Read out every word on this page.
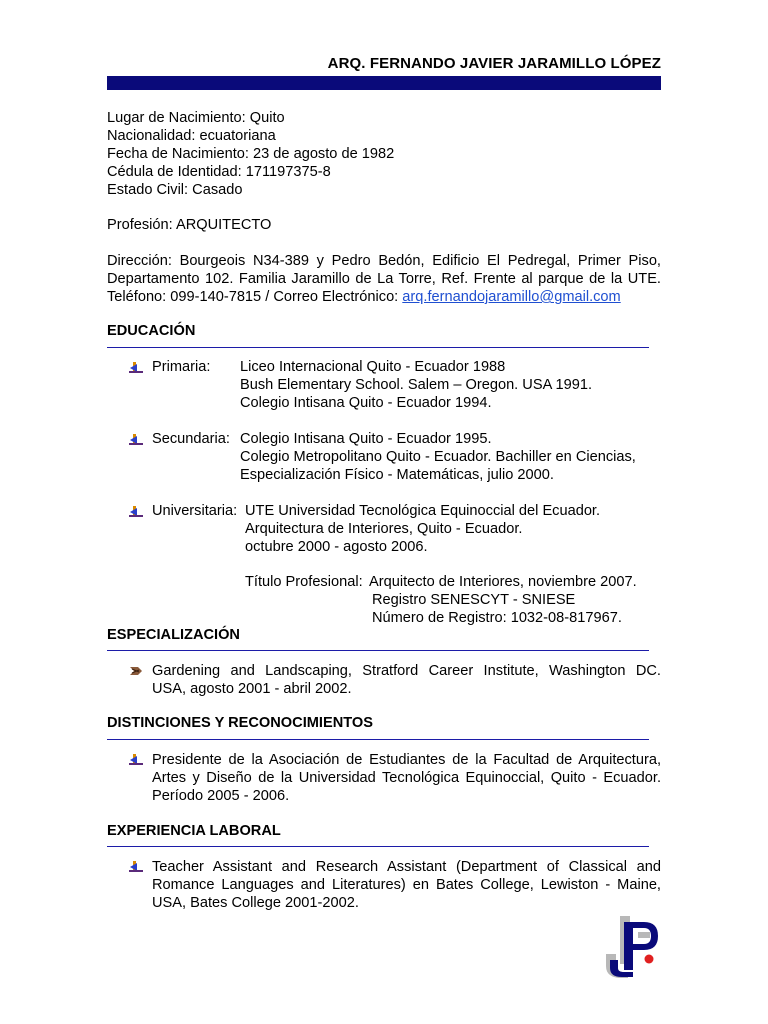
ARQ. FERNANDO JAVIER JARAMILLO LÓPEZ
Lugar de Nacimiento: Quito
Nacionalidad: ecuatoriana
Fecha de Nacimiento: 23 de agosto de 1982
Cédula de Identidad: 171197375-8
Estado Civil: Casado
Profesión: ARQUITECTO
Dirección: Bourgeois N34-389 y Pedro Bedón, Edificio El Pedregal, Primer Piso,
Departamento 102. Familia Jaramillo de La Torre, Ref. Frente al parque de la UTE.
Teléfono: 099-140-7815 / Correo Electrónico: arq.fernandojaramillo@gmail.com
EDUCACIÓN
Primaria: Liceo Internacional Quito - Ecuador 1988
Bush Elementary School. Salem – Oregon. USA 1991.
Colegio Intisana Quito - Ecuador 1994.
Secundaria: Colegio Intisana Quito - Ecuador 1995.
Colegio Metropolitano Quito - Ecuador. Bachiller en Ciencias,
Especialización Físico - Matemáticas, julio 2000.
Universitaria: UTE Universidad Tecnológica Equinoccial del Ecuador.
Arquitectura de Interiores, Quito - Ecuador.
octubre 2000 - agosto 2006.
Título Profesional: Arquitecto de Interiores, noviembre 2007.
Registro SENESCYT - SNIESE
Número de Registro: 1032-08-817967.
ESPECIALIZACIÓN
Gardening and Landscaping, Stratford Career Institute, Washington DC.
USA, agosto 2001 - abril 2002.
DISTINCIONES Y RECONOCIMIENTOS
Presidente de la Asociación de Estudiantes de la Facultad de Arquitectura,
Artes y Diseño de la Universidad Tecnológica Equinoccial, Quito - Ecuador.
Período 2005 - 2006.
EXPERIENCIA LABORAL
Teacher Assistant and Research Assistant (Department of Classical and
Romance Languages and Literatures) en Bates College, Lewiston - Maine,
USA, Bates College 2001-2002.
